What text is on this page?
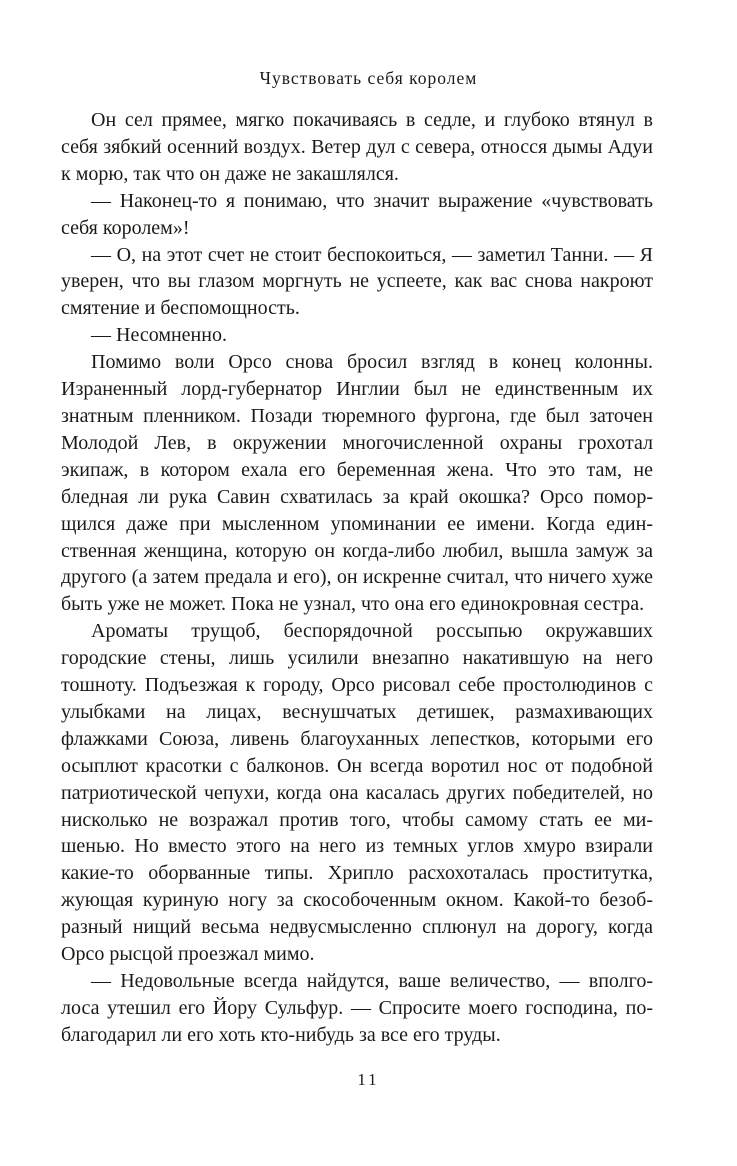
Чувствовать себя королем

Он сел прямее, мягко покачиваясь в седле, и глубоко втянул в себя зябкий осенний воздух. Ветер дул с севера, относся дымы Адуи к морю, так что он даже не закашлялся.

— Наконец-то я понимаю, что значит выражение «чувствовать себя королем»!

— О, на этот счет не стоит беспокоиться, — заметил Танни. — Я уверен, что вы глазом моргнуть не успеете, как вас снова накроют смятение и беспомощность.

— Несомненно.

Помимо воли Орсо снова бросил взгляд в конец колонны. Израненный лорд-губернатор Инглии был не единственным их знатным пленником. Позади тюремного фургона, где был заточен Молодой Лев, в окружении многочисленной охраны грохотал экипаж, в котором ехала его беременная жена. Что это там, не бледная ли рука Савин схватилась за край окошка? Орсо поморщился даже при мысленном упоминании ее имени. Когда единственная женщина, которую он когда-либо любил, вышла замуж за другого (а затем предала и его), он искренне считал, что ничего хуже быть уже не может. Пока не узнал, что она его единокровная сестра.

Ароматы трущоб, беспорядочной россыпью окружавших городские стены, лишь усилили внезапно накатившую на него тошноту. Подъезжая к городу, Орсо рисовал себе простолюдинов с улыбками на лицах, веснушчатых детишек, размахивающих флажками Союза, ливень благоуханных лепестков, которыми его осыплют красотки с балконов. Он всегда воротил нос от подобной патриотической чепухи, когда она касалась других победителей, но нисколько не возражал против того, чтобы самому стать ее мишенью. Но вместо этого на него из темных углов хмуро взирали какие-то оборванные типы. Хрипло расхохоталась проститутка, жующая куриную ногу за скособоченным окном. Какой-то безобразный нищий весьма недвусмысленно сплюнул на дорогу, когда Орсо рысцой проезжал мимо.

— Недовольные всегда найдутся, ваше величество, — вполголоса утешил его Йору Сульфур. — Спросите моего господина, поблагодарил ли его хоть кто-нибудь за все его труды.

11
